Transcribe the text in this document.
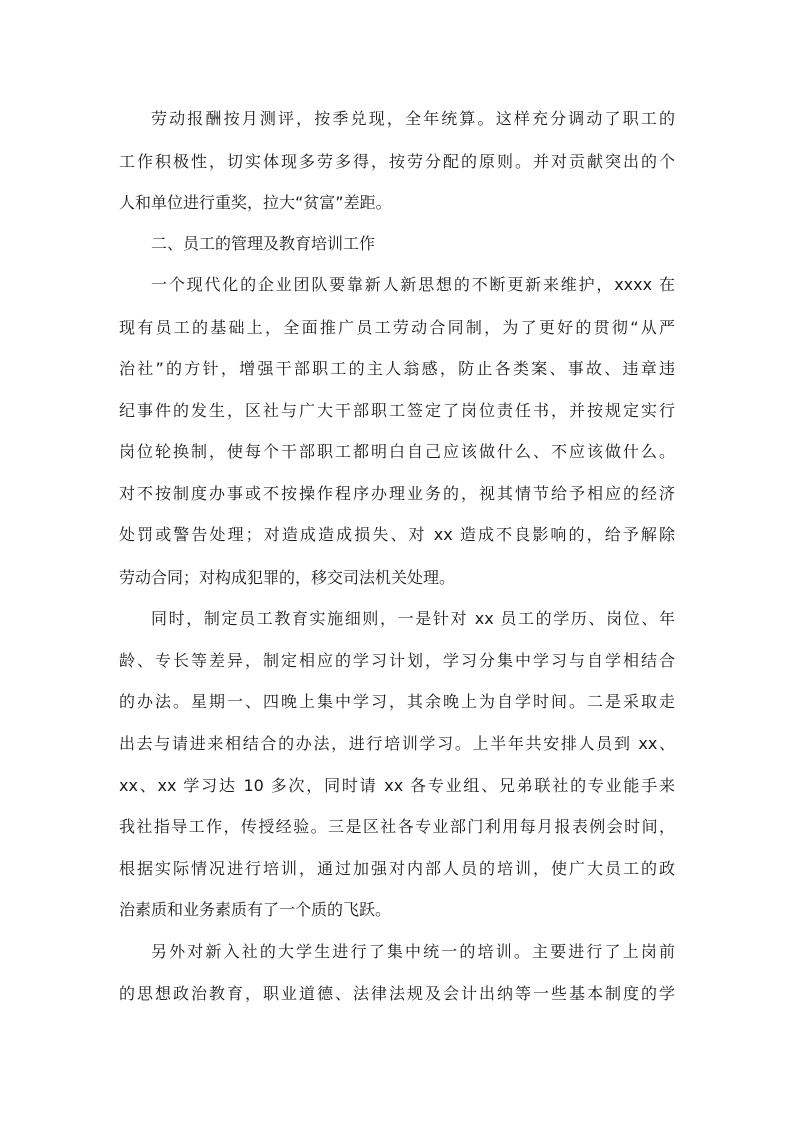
劳动报酬按月测评，按季兑现，全年统算。这样充分调动了职工的
工作积极性，切实体现多劳多得，按劳分配的原则。并对贡献突出的个
人和单位进行重奖，拉大“贫富”差距。
二、员工的管理及教育培训工作
一个现代化的企业团队要靠新人新思想的不断更新来维护，xxxx 在
现有员工的基础上，全面推广员工劳动合同制，为了更好的贯彻“从严
治社”的方针，增强干部职工的主人翁感，防止各类案、事故、违章违
纪事件的发生，区社与广大干部职工签定了岗位责任书，并按规定实行
岗位轮换制，使每个干部职工都明白自己应该做什么、不应该做什么。
对不按制度办事或不按操作程序办理业务的，视其情节给予相应的经济
处罚或警告处理；对造成造成损失、对 xx 造成不良影响的，给予解除
劳动合同；对构成犯罪的，移交司法机关处理。
同时，制定员工教育实施细则，一是针对 xx 员工的学历、岗位、年
龄、专长等差异，制定相应的学习计划，学习分集中学习与自学相结合
的办法。星期一、四晚上集中学习，其余晚上为自学时间。二是采取走
出去与请进来相结合的办法，进行培训学习。上半年共安排人员到 xx、
xx、xx 学习达 10 多次，同时请 xx 各专业组、兄弟联社的专业能手来
我社指导工作，传授经验。三是区社各专业部门利用每月报表例会时间，
根据实际情况进行培训，通过加强对内部人员的培训，使广大员工的政
治素质和业务素质有了一个质的飞跃。
另外对新入社的大学生进行了集中统一的培训。主要进行了上岗前
的思想政治教育，职业道德、法律法规及会计出纳等一些基本制度的学
